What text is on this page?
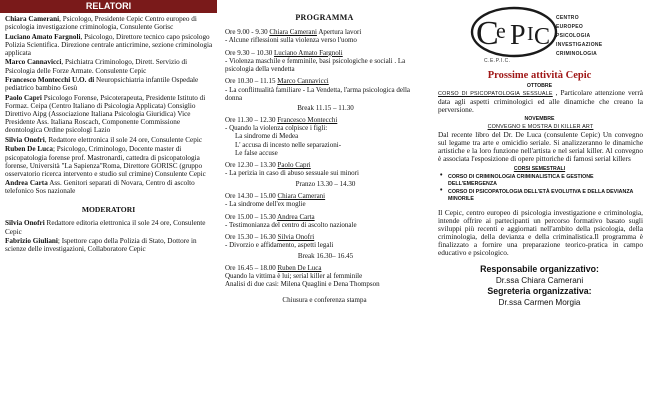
RELATORI
Chiara Camerani, Psicologo, Presidente Cepic Centro europeo di psicologia investigazione criminologia, Consulente Gorisc
Luciano Amato Fargnoli, Psicologo, Direttore tecnico capo psicologo Polizia Scientifica. Direzione centrale anticrimine, sezione criminologia applicata
Marco Cannavicci, Psichiatra Criminologo, Dirett. Servizio di Psicologia delle Forze Armate. Consulente Cepic
Francesco Montecchi U.O. di Neuropsichiatria infantile Ospedale pediatrico bambino Gesù
Paolo Capri Psicologo Forense, Psicoterapeuta, Presidente Istituto di Formaz. Ceipa (Centro Italiano di Psicologia Applicata) Consiglio Direttivo Aipg (Associazione Italiana Psicologia Giuridica) Vice Presidente Ass. Italiana Roscach, Componente Commissione deontologica Ordine psicologi Lazio
Silvia Onofri, Redattore elettronica il sole 24 ore, Consulente Cepic
Ruben De Luca; Psicologo, Criminologo, Docente master di psicopatologia forense prof. Mastronardi, cattedra di psicopatologia forense, Università "La Sapienza"Roma, Direttore GORISC (gruppo osservatorio ricerca intervento e studio sul crimine) Consulente Cepic
Andrea Carta Ass. Genitori separati di Novara, Centro di ascolto telefonico Sos nazionale
MODERATORI
Silvia Onofri Redattore editoria elettronica il sole 24 ore, Consulente Cepic
Fabrizio Giuliani; Ispettore capo della Polizia di Stato, Dottore in scienze delle investigazioni, Collaboratore Cepic
PROGRAMMA
Ore 9.00 - 9.30 Chiara Camerani Apertura lavori
- Alcune riflessioni sulla violenza verso l'uomo
Ore 9.30 – 10.30 Luciano Amato Fargnoli
- Violenza maschile e femminile, basi psicologiche e sociali . La psicologia della vendetta
Ore 10.30 – 11.15 Marco Cannavicci
- La conflittualità familiare - La Vendetta, l'arma psicologica della donna
Break 11.15 – 11.30
Ore 11.30 – 12.30 Francesco Montecchi
- Quando la violenza colpisce i figli:
La sindrome di Medea
L' accusa di incesto nelle separazioni-
Le false accuse
Ore 12.30 – 13.30 Paolo Capri
- La perizia in caso di abuso sessuale sui minori
Pranzo 13.30 – 14.30
Ore 14.30 – 15.00 Chiara Camerani
- La sindrome dell'ex moglie
Ore 15.00 – 15.30 Andrea Carta
- Testimonianza del centro di ascolto nazionale
Ore 15.30 – 16.30 Silvia Onofri
- Divorzio e affidamento, aspetti legali
Break 16.30– 16.45
Ore 16.45 – 18.00 Ruben De Luca
Quando la vittima è lui; serial killer al femminile
Analisi di due casi: Milena Quaglini e Dena Thompson
Chiusura e conferenza stampa
C
e P I C
CENTRO
EUROPEO
PSICOLOGIA
INVESTIGAZIONE
CRIMINOLOGIA
C.E.P.I.C.
Prossime attività Cepic
OTTOBRE
CORSO DI PSICOPATOLOGIA SESSUALE , Particolare attenzione verrà data agli aspetti criminologici ed alle dinamiche che creano la perversione.
NOVEMBRE
CONVEGNO E MOSTRA DI KILLER ART
Dal recente libro del Dr. De Luca (consulente Cepic) Un convegno sul legame tra arte e omicidio seriale. Si analizzeranno le dinamiche artistiche e la loro funzione nell'artista e nel serial killer. Al convegno è associata l'esposizione di opere pittoriche di famosi serial killers
CORSI SEMESTRALI
• CORSO DI CRIMINOLOGIA CRIMINALISTICA E GESTIONE DELL'EMERGENZA
• CORSO DI PSICOPATOLOGIA DELL'ETÀ EVOLUTIVA E DELLA DEVIANZA MINORILE
Il Cepic, centro europeo di psicologia investigazione e criminologia, intende offrire ai partecipanti un percorso formativo basato sugli sviluppi più recenti e aggiornati nell'ambito della psicologia, della criminologia, della devianza e della criminalistica.Il programma è finalizzato a fornire una preparazione teorico-pratica in campo educativo e psicologico.
Responsabile organizzativo:
Dr.ssa Chiara Camerani
Segreteria organizzativa:
Dr.ssa Carmen Morgia
